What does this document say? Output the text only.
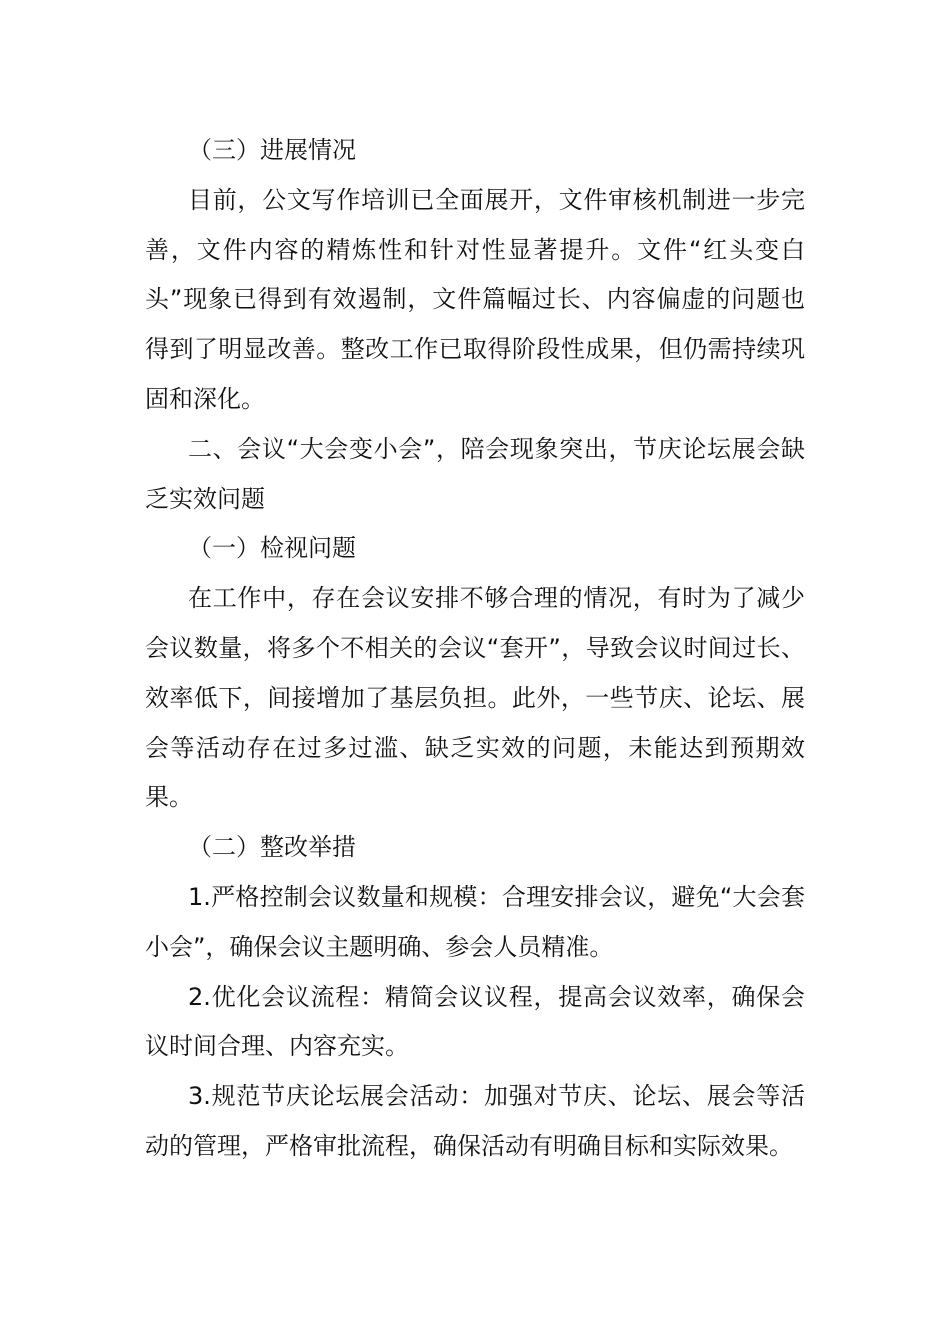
（三）进展情况

目前，公文写作培训已全面展开，文件审核机制进一步完善，文件内容的精炼性和针对性显著提升。文件“红头变白头”现象已得到有效遏制，文件篇幅过长、内容偏虚的问题也得到了明显改善。整改工作已取得阶段性成果，但仍需持续巩固和深化。

二、会议“大会变小会”，陪会现象突出，节庆论坛展会缺乏实效问题

（一）检视问题

在工作中，存在会议安排不够合理的情况，有时为了减少会议数量，将多个不相关的会议“套开”，导致会议时间过长、效率低下，间接增加了基层负担。此外，一些节庆、论坛、展会等活动存在过多过滥、缺乏实效的问题，未能达到预期效果。

（二）整改举措

1.严格控制会议数量和规模：合理安排会议，避免“大会套小会”，确保会议主题明确、参会人员精准。

2.优化会议流程：精简会议议程，提高会议效率，确保会议时间合理、内容充实。

3.规范节庆论坛展会活动：加强对节庆、论坛、展会等活动的管理，严格审批流程，确保活动有明确目标和实际效果。
